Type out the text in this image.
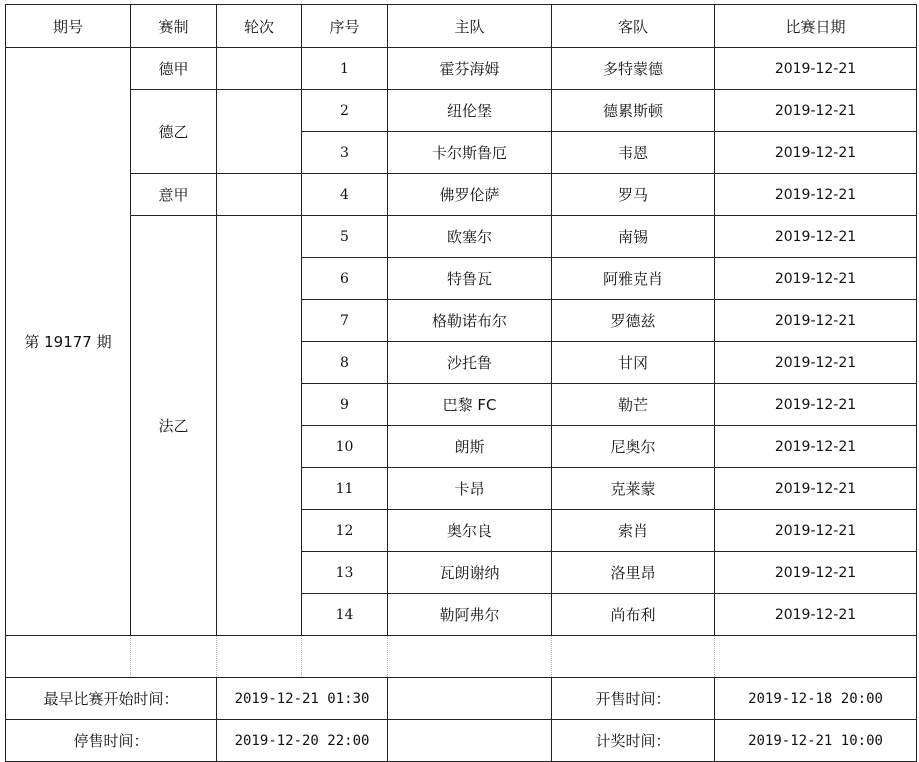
期号	赛制	轮次	序号	主队	客队	比赛日期
第 19177 期	德甲		1	霍芬海姆	多特蒙德	2019-12-21
	德乙		2	纽伦堡	德累斯顿	2019-12-21
			3	卡尔斯鲁厄	韦恩	2019-12-21
	意甲		4	佛罗伦萨	罗马	2019-12-21
	法乙		5	欧塞尔	南锡	2019-12-21
			6	特鲁瓦	阿雅克肖	2019-12-21
			7	格勒诺布尔	罗德兹	2019-12-21
			8	沙托鲁	甘冈	2019-12-21
			9	巴黎 FC	勒芒	2019-12-21
			10	朗斯	尼奥尔	2019-12-21
			11	卡昂	克莱蒙	2019-12-21
			12	奥尔良	索肖	2019-12-21
			13	瓦朗谢纳	洛里昂	2019-12-21
			14	勒阿弗尔	尚布利	2019-12-21

最早比赛开始时间：		2019-12-21 01:30			开售时间：	2019-12-18 20:00
停售时间：		2019-12-20 22:00			计奖时间：	2019-12-21 10:00
